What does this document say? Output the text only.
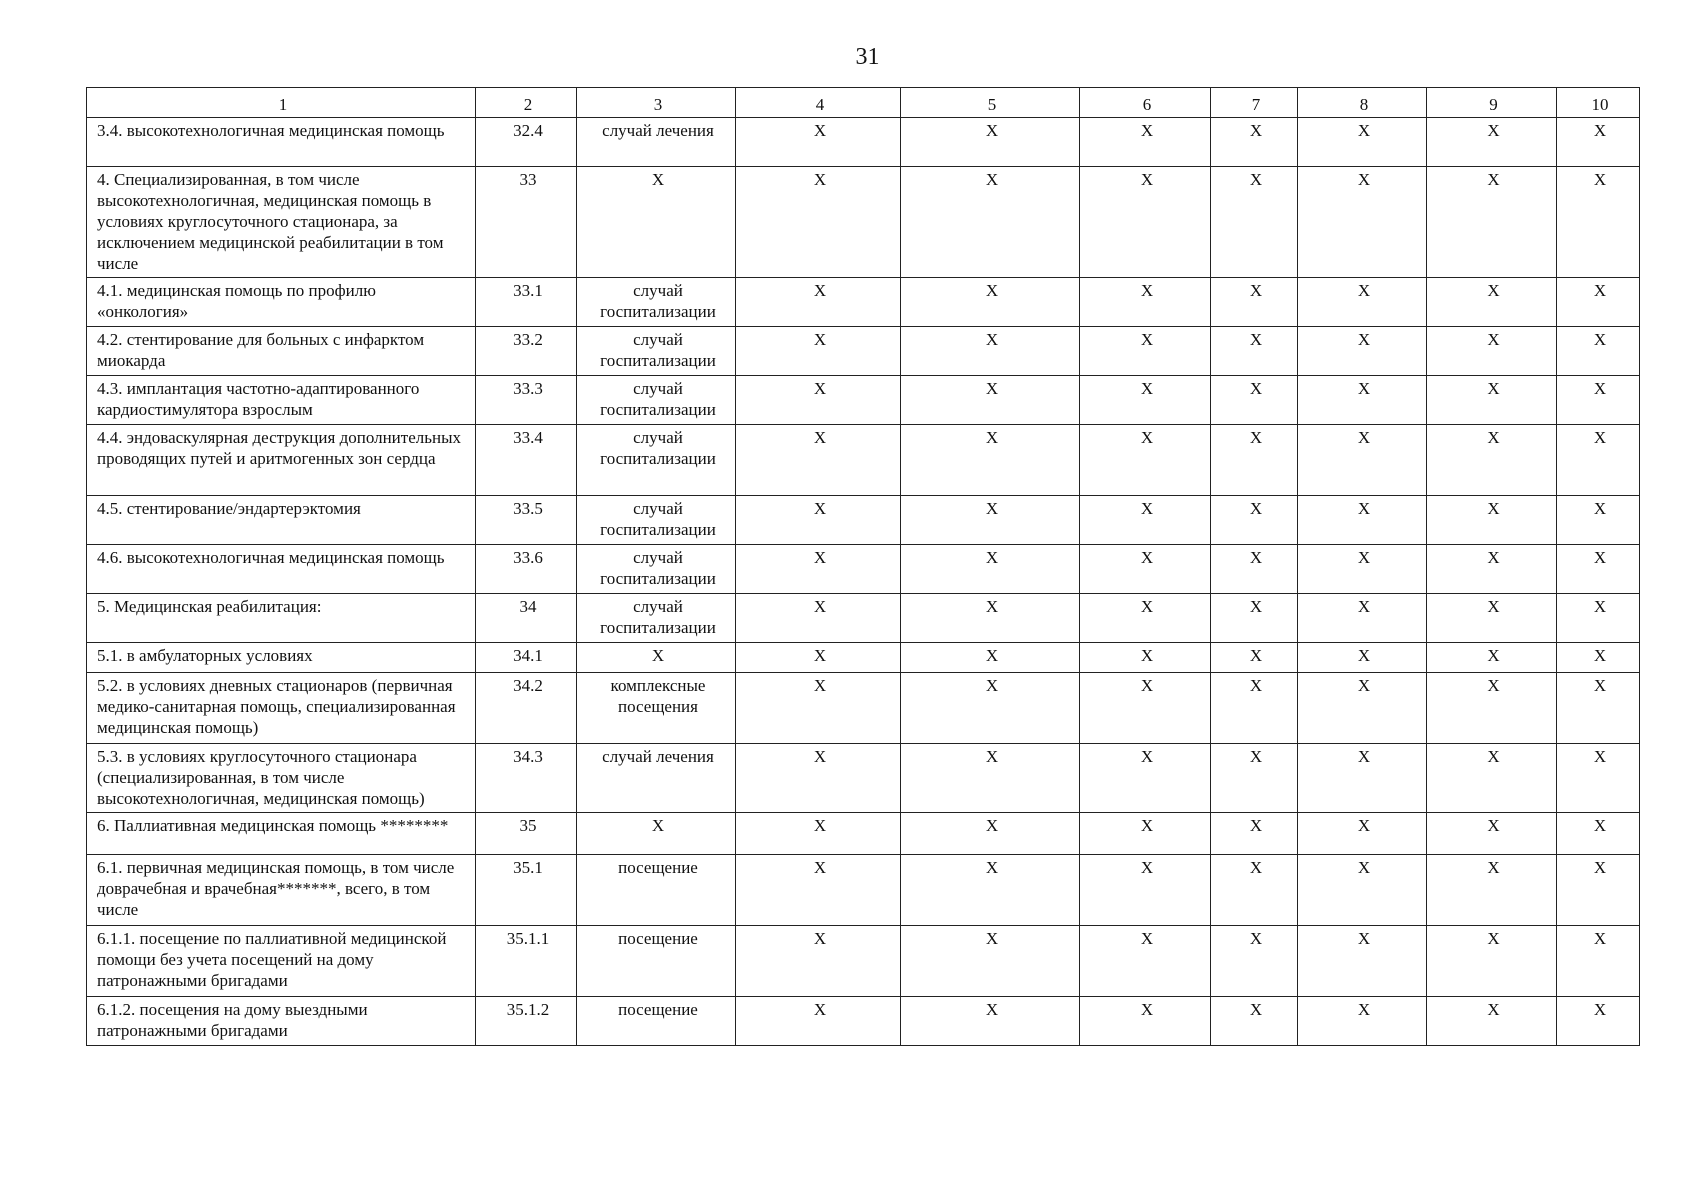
31
1	2	3	4	5	6	7	8	9	10
3.4. высокотехнологичная медицинская помощь	32.4	случай лечения	Х	Х	Х	Х	Х	Х	Х
4. Специализированная, в том числе высокотехнологичная, медицинская помощь в условиях круглосуточного стационара, за исключением медицинской реабилитации в том числе	33	Х	Х	Х	Х	Х	Х	Х	Х
4.1. медицинская помощь по профилю «онкология»	33.1	случай госпитализации	Х	Х	Х	Х	Х	Х	Х
4.2. стентирование для больных с инфарктом миокарда	33.2	случай госпитализации	Х	Х	Х	Х	Х	Х	Х
4.3. имплантация частотно-адаптированного кардиостимулятора взрослым	33.3	случай госпитализации	Х	Х	Х	Х	Х	Х	Х
4.4. эндоваскулярная деструкция дополнительных проводящих путей и аритмогенных зон сердца	33.4	случай госпитализации	Х	Х	Х	Х	Х	Х	Х
4.5. стентирование/эндартерэктомия	33.5	случай госпитализации	Х	Х	Х	Х	Х	Х	Х
4.6. высокотехнологичная медицинская помощь	33.6	случай госпитализации	Х	Х	Х	Х	Х	Х	Х
5. Медицинская реабилитация:	34	случай госпитализации	Х	Х	Х	Х	Х	Х	Х
5.1. в амбулаторных условиях	34.1	Х	Х	Х	Х	Х	Х	Х	Х
5.2. в условиях дневных стационаров (первичная медико-санитарная помощь, специализированная медицинская помощь)	34.2	комплексные посещения	Х	Х	Х	Х	Х	Х	Х
5.3. в условиях круглосуточного стационара (специализированная, в том числе высокотехнологичная, медицинская помощь)	34.3	случай лечения	Х	Х	Х	Х	Х	Х	Х
6. Паллиативная медицинская помощь ********	35	Х	Х	Х	Х	Х	Х	Х	Х
6.1. первичная медицинская помощь, в том числе доврачебная и врачебная*******, всего, в том числе	35.1	посещение	Х	Х	Х	Х	Х	Х	Х
6.1.1. посещение по паллиативной медицинской помощи без учета посещений на дому патронажными бригадами	35.1.1	посещение	Х	Х	Х	Х	Х	Х	Х
6.1.2. посещения на дому выездными патронажными бригадами	35.1.2	посещение	Х	Х	Х	Х	Х	Х	Х
